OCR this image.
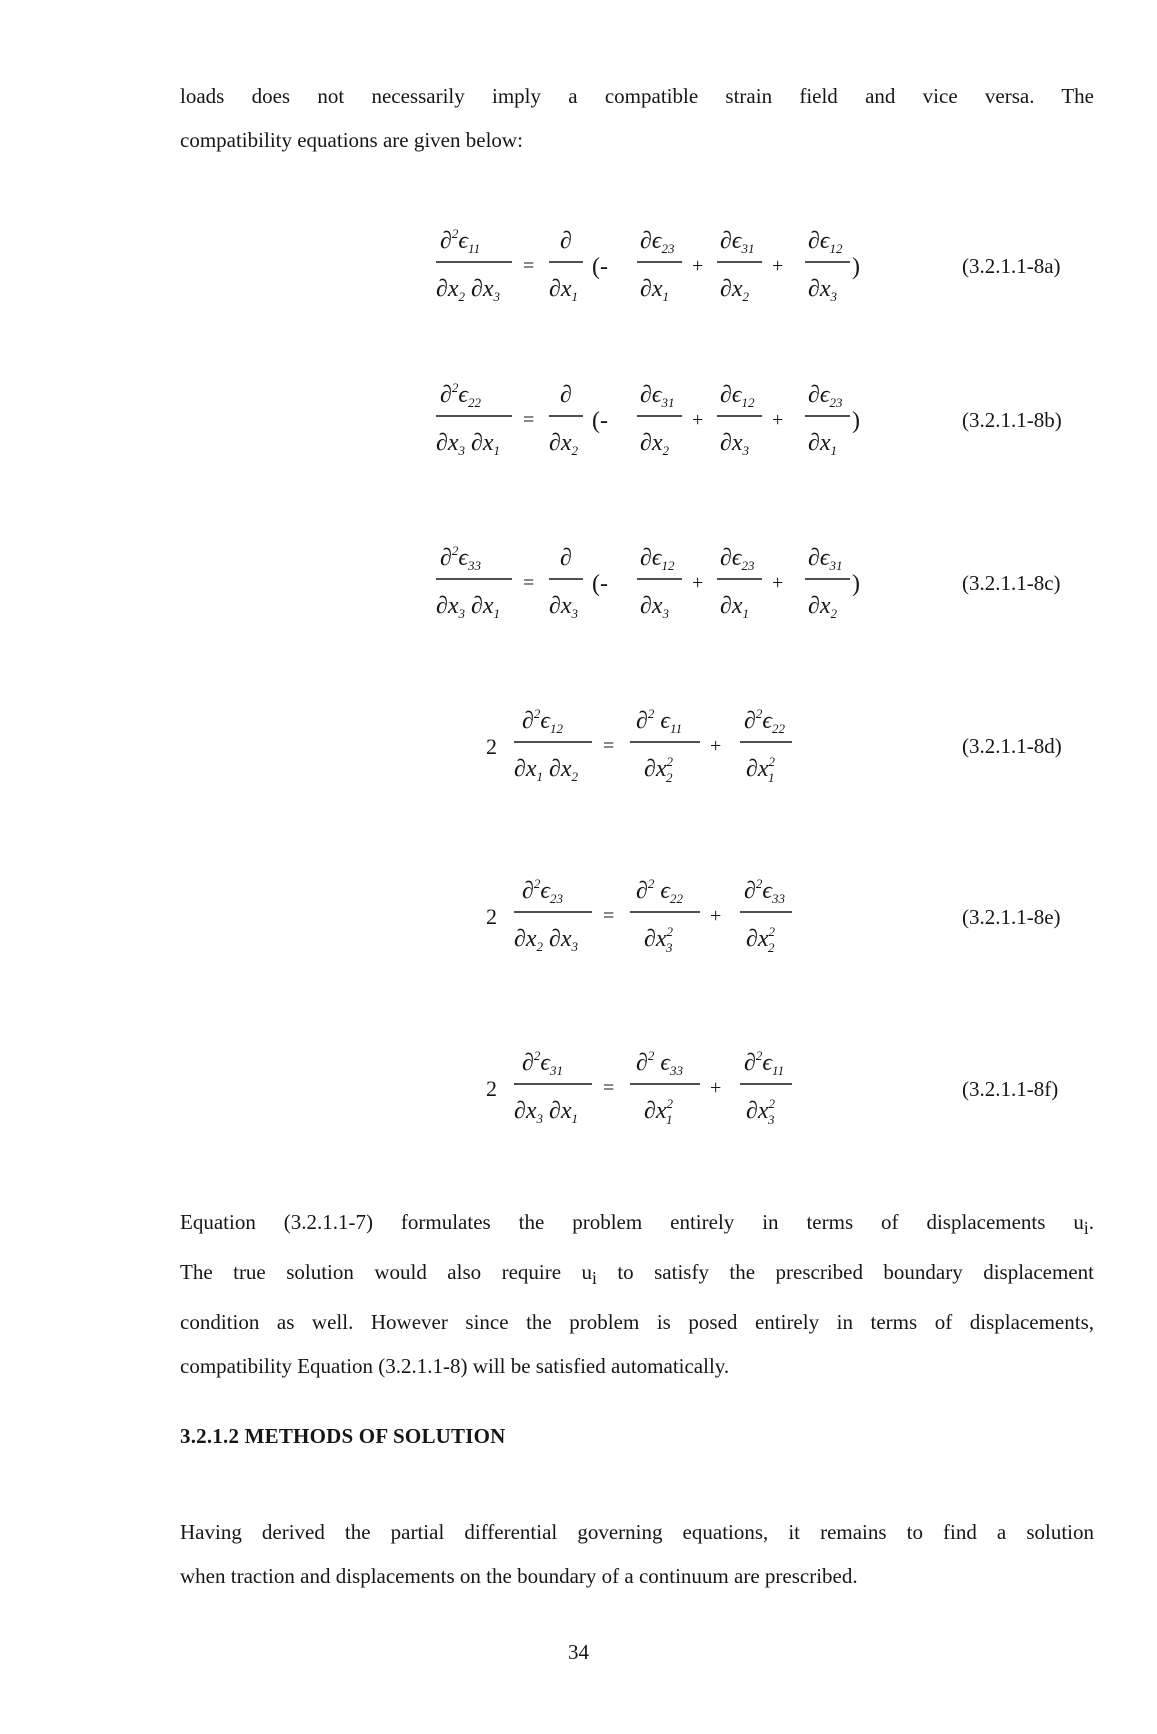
loads does not necessarily imply a compatible strain field and vice versa. The
compatibility equations are given below:

(3.2.1.1-8a)
(3.2.1.1-8b)
(3.2.1.1-8c)
(3.2.1.1-8d)
(3.2.1.1-8e)
(3.2.1.1-8f)
$\partial^2\epsilon_{11}$
$\partial x_2$ $\partial x_3$
=
∂
$\partial x_1$
(-
$\partial\epsilon_{23}$
$\partial x_1$
+
$\partial\epsilon_{31}$
$\partial x_2$
+
$\partial\epsilon_{12}$
$\partial x_3$
)
$\partial^2\epsilon_{22}$
$\partial x_3$ $\partial x_1$
=
∂
$\partial x_2$
(-
$\partial\epsilon_{31}$
$\partial x_2$
+
$\partial\epsilon_{12}$
$\partial x_3$
+
$\partial\epsilon_{23}$
$\partial x_1$
)
$\partial^2\epsilon_{33}$
$\partial x_3$ $\partial x_1$
=
∂
$\partial x_3$
(-
$\partial\epsilon_{12}$
$\partial x_3$
+
$\partial\epsilon_{23}$
$\partial x_1$
+
$\partial\epsilon_{31}$
$\partial x_2$
)
2
$\partial^2\epsilon_{12}$
$\partial x_1$ $\partial x_2$
=
∂$^2$ $\epsilon_{11}$
$\partial x^2$ 2
+
$\partial^2\epsilon_{22}$
$\partial x^2$ 1
2
$\partial^2\epsilon_{23}$
$\partial x_2$ $\partial x_3$
=
∂$^2$ $\epsilon_{22}$
$\partial x^2$ 3
+
$\partial^2\epsilon_{33}$
$\partial x^2$ 2
2
$\partial^2\epsilon_{31}$
$\partial x_3$ $\partial x_1$
=
∂$^2$ $\epsilon_{33}$
$\partial x^2$ 1
+
$\partial^2\epsilon_{11}$
$\partial x^2$ 3

Equation (3.2.1.1-7) formulates the problem entirely in terms of displacements $u_i$.
The true solution would also require $u_i$ to satisfy the prescribed boundary displacement
condition as well. However since the problem is posed entirely in terms of displacements,
compatibility Equation (3.2.1.1-8) will be satisfied automatically.

3.2.1.2 METHODS OF SOLUTION

Having derived the partial differential governing equations, it remains to find a solution
when traction and displacements on the boundary of a continuum are prescribed.

34
